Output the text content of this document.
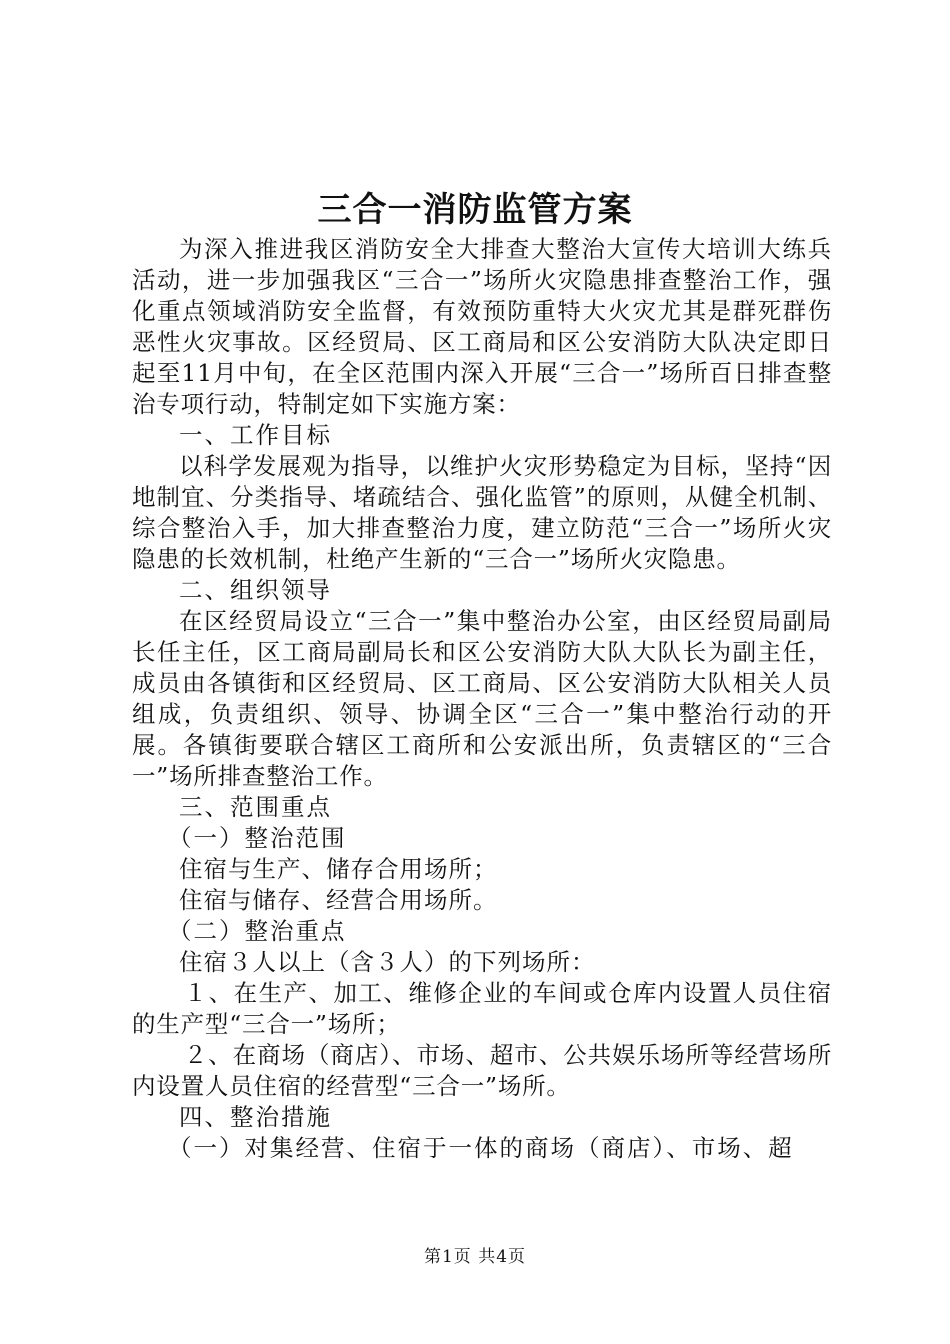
三合一消防监管方案

为深入推进我区消防安全大排查大整治大宣传大培训大练兵活动，进一步加强我区“三合一”场所火灾隐患排查整治工作，强化重点领域消防安全监督，有效预防重特大火灾尤其是群死群伤恶性火灾事故。区经贸局、区工商局和区公安消防大队决定即日起至11月中旬，在全区范围内深入开展“三合一”场所百日排查整治专项行动，特制定如下实施方案：

一、工作目标

以科学发展观为指导，以维护火灾形势稳定为目标，坚持“因地制宜、分类指导、堵疏结合、强化监管”的原则，从健全机制、综合整治入手，加大排查整治力度，建立防范“三合一”场所火灾隐患的长效机制，杜绝产生新的“三合一”场所火灾隐患。

二、组织领导

在区经贸局设立“三合一”集中整治办公室，由区经贸局副局长任主任，区工商局副局长和区公安消防大队大队长为副主任，成员由各镇街和区经贸局、区工商局、区公安消防大队相关人员组成，负责组织、领导、协调全区“三合一”集中整治行动的开展。各镇街要联合辖区工商所和公安派出所，负责辖区的“三合一”场所排查整治工作。

三、范围重点

（一）整治范围

住宿与生产、储存合用场所；

住宿与储存、经营合用场所。

（二）整治重点

住宿３人以上（含３人）的下列场所：

１、在生产、加工、维修企业的车间或仓库内设置人员住宿的生产型“三合一”场所；

２、在商场（商店）、市场、超市、公共娱乐场所等经营场所内设置人员住宿的经营型“三合一”场所。

四、整治措施

（一）对集经营、住宿于一体的商场（商店）、市场、超

第1页 共4页
